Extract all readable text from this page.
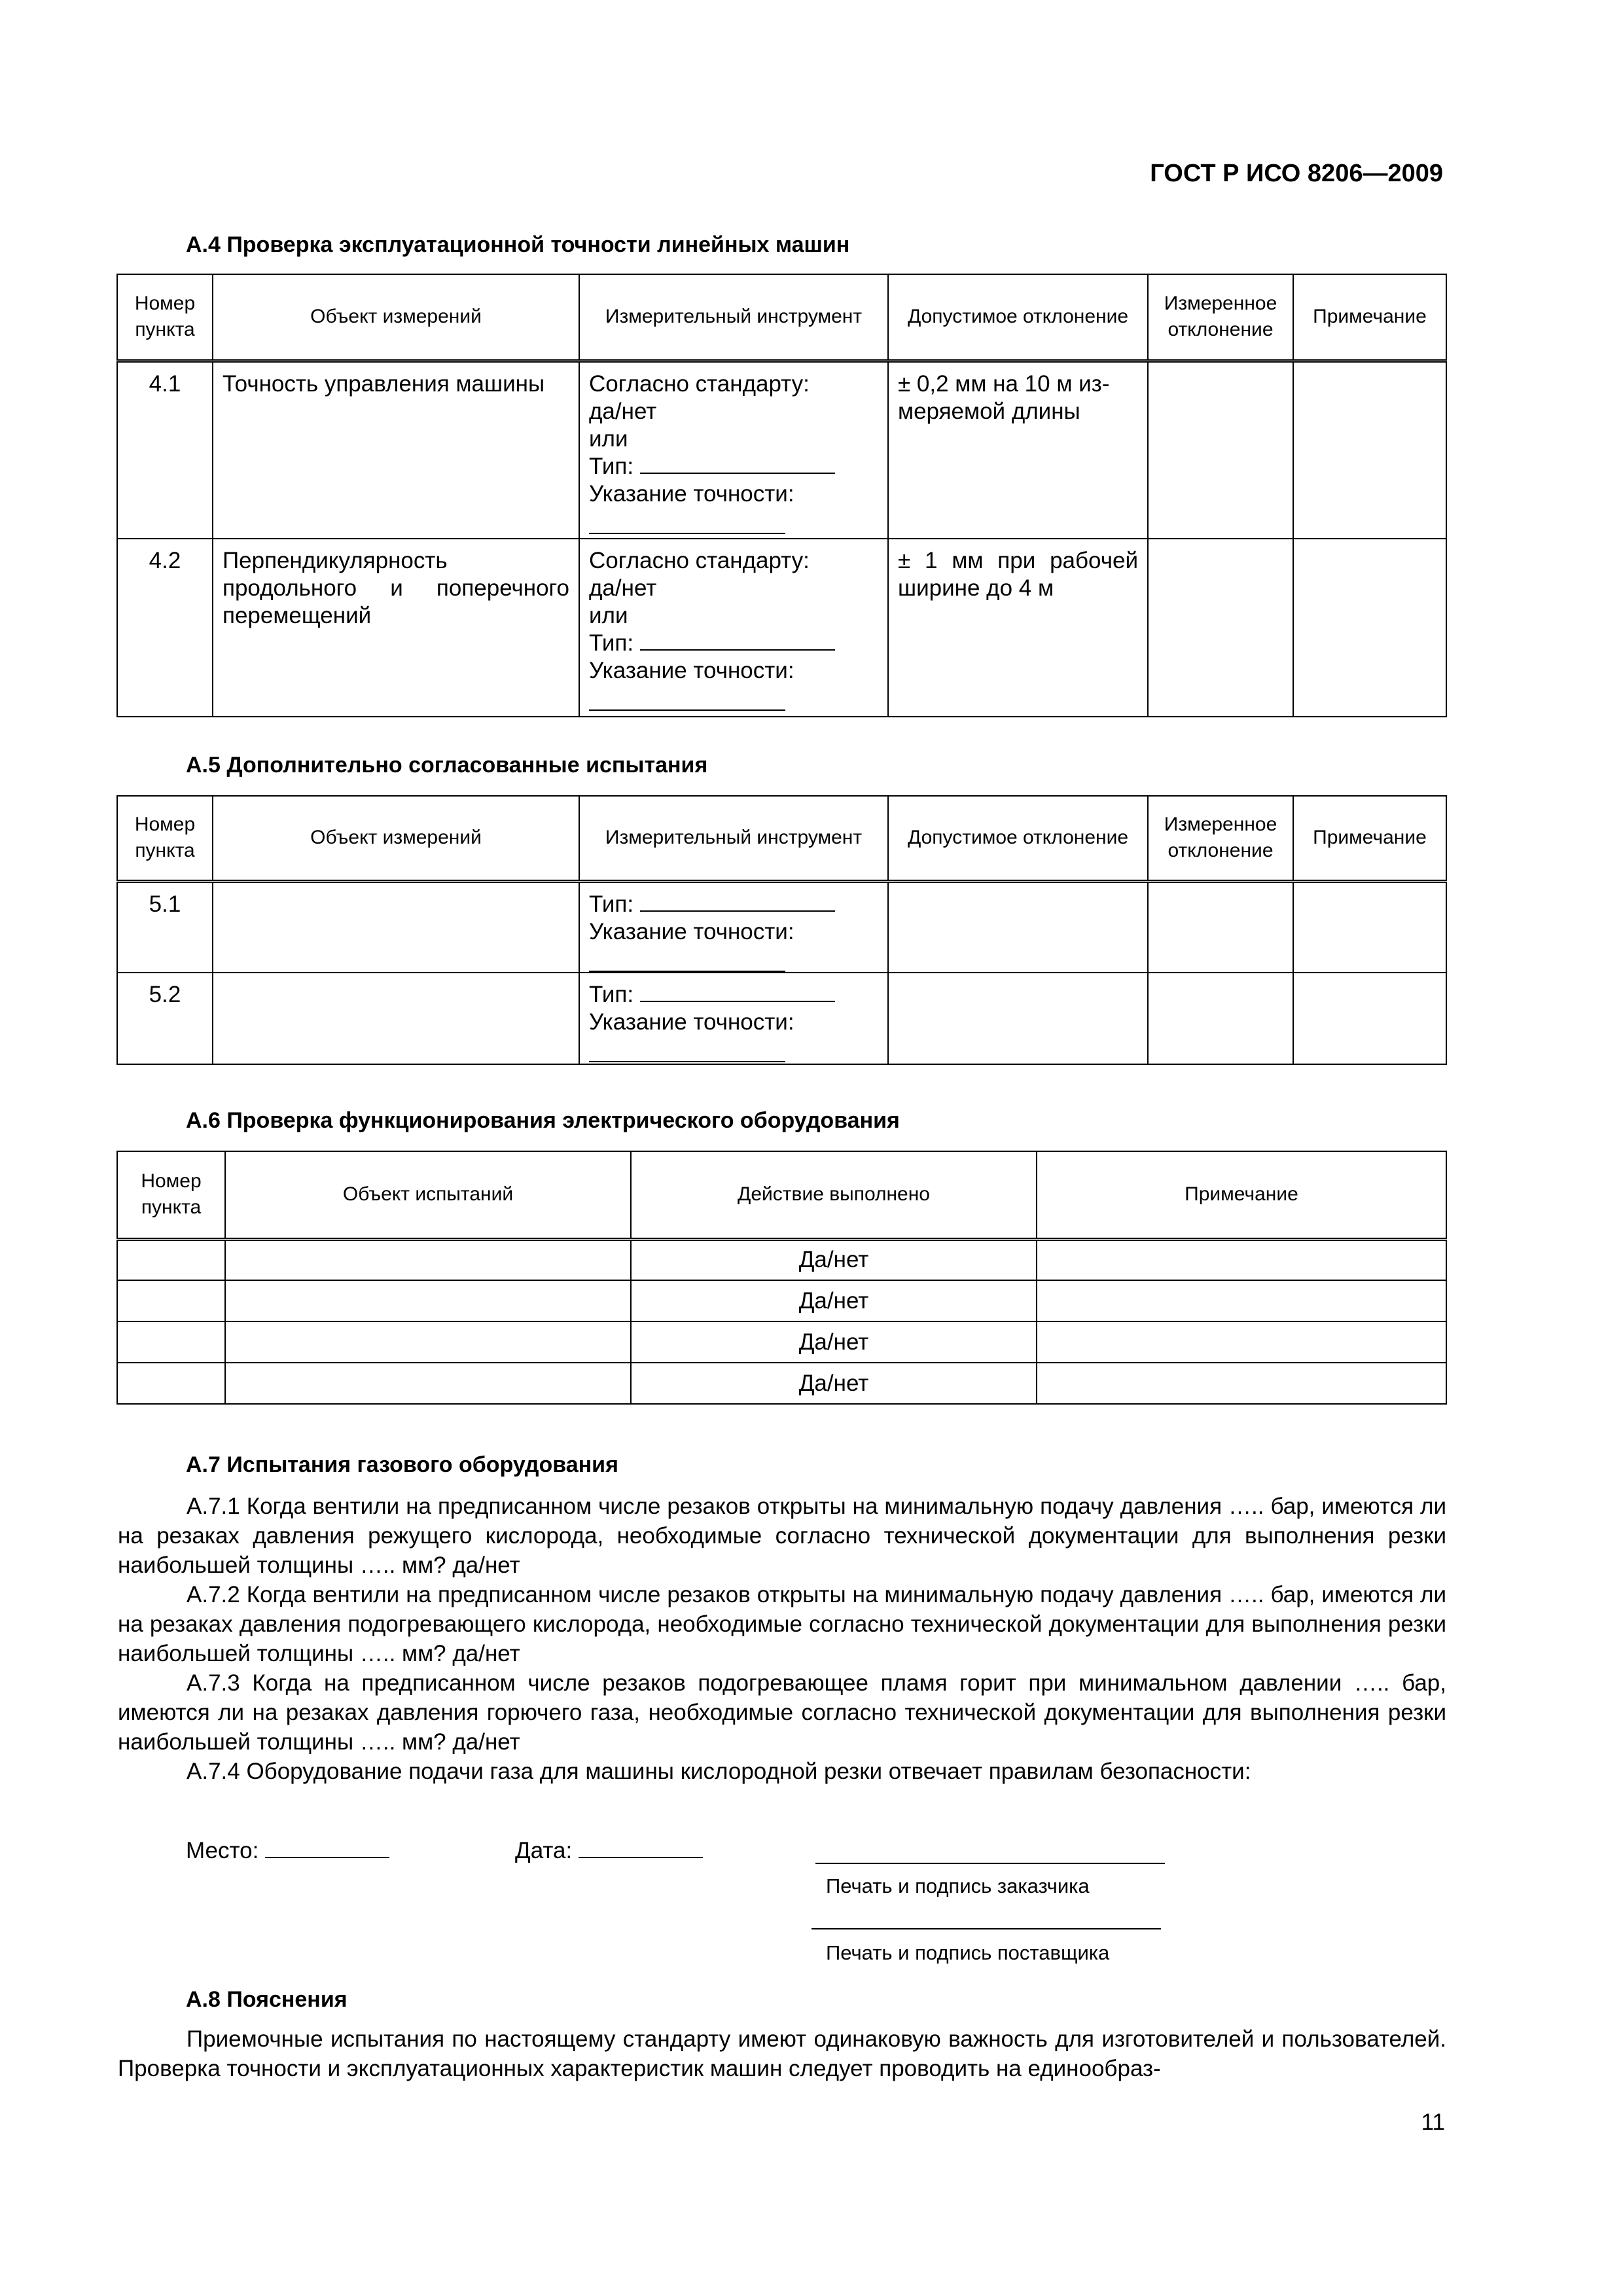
ГОСТ Р ИСО 8206—2009
А.4 Проверка эксплуатационной точности линейных машин
Номер пункта	Объект измерений	Измерительный инструмент	Допустимое отклонение	Измеренное отклонение	Примечание
4.1	Точность управления машины	Согласно стандарту:
да/нет
или
Тип:
Указание точности:	± 0,2 мм на 10 м из-меряемой длины		
4.2	Перпендикулярность продольного и поперечного перемещений	Согласно стандарту:
да/нет
или
Тип:
Указание точности:	± 1 мм при рабочей ширине до 4 м		
А.5 Дополнительно согласованные испытания
Номер пункта	Объект измерений	Измерительный инструмент	Допустимое отклонение	Измеренное отклонение	Примечание
5.1		Тип:
Указание точности:			

5.2		Тип:
Указание точности:			

А.6 Проверка функционирования электрического оборудования
Номер пункта	Объект испытаний	Действие выполнено	Примечание
		Да/нет	
		Да/нет	
		Да/нет	
		Да/нет	
А.7 Испытания газового оборудования

А.7.1 Когда вентили на предписанном числе резаков открыты на минимальную подачу давления ….. бар, имеются ли на резаках давления режущего кислорода, необходимые согласно технической документации для выполнения резки наибольшей толщины ….. мм? да/нет

А.7.2 Когда вентили на предписанном числе резаков открыты на минимальную подачу давления ….. бар, имеются ли на резаках давления подогревающего кислорода, необходимые согласно технической документации для выполнения резки наибольшей толщины ….. мм? да/нет

А.7.3 Когда на предписанном числе резаков подогревающее пламя горит при минимальном давлении ….. бар, имеются ли на резаках давления горючего газа, необходимые согласно технической документации для выполнения резки наибольшей толщины ….. мм? да/нет

А.7.4 Оборудование подачи газа для машины кислородной резки отвечает правилам безопасности:

Место:	Дата:
Печать и подпись заказчика
Печать и подпись поставщика
А.8 Пояснения

Приемочные испытания по настоящему стандарту имеют одинаковую важность для изготовителей и пользователей. Проверка точности и эксплуатационных характеристик машин следует проводить на единообраз-

11
